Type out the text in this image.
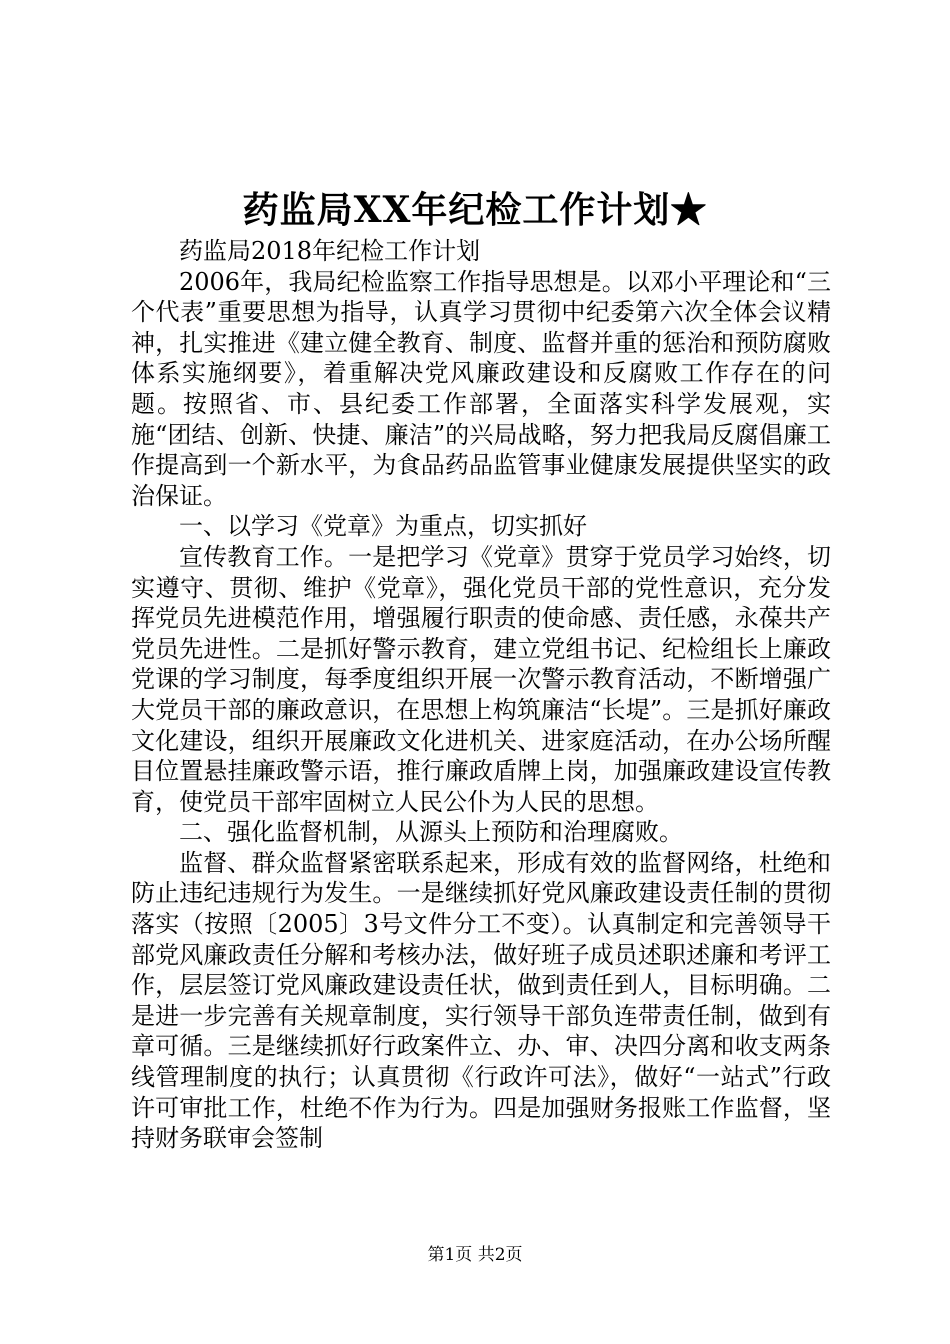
药监局XX年纪检工作计划★

药监局2018年纪检工作计划

2006年，我局纪检监察工作指导思想是。以邓小平理论和“三个代表”重要思想为指导，认真学习贯彻中纪委第六次全体会议精神，扎实推进《建立健全教育、制度、监督并重的惩治和预防腐败体系实施纲要》，着重解决党风廉政建设和反腐败工作存在的问题。按照省、市、县纪委工作部署，全面落实科学发展观，实施“团结、创新、快捷、廉洁”的兴局战略，努力把我局反腐倡廉工作提高到一个新水平，为食品药品监管事业健康发展提供坚实的政治保证。

一、以学习《党章》为重点，切实抓好

宣传教育工作。一是把学习《党章》贯穿于党员学习始终，切实遵守、贯彻、维护《党章》，强化党员干部的党性意识，充分发挥党员先进模范作用，增强履行职责的使命感、责任感，永葆共产党员先进性。二是抓好警示教育，建立党组书记、纪检组长上廉政党课的学习制度，每季度组织开展一次警示教育活动，不断增强广大党员干部的廉政意识，在思想上构筑廉洁“长堤”。三是抓好廉政文化建设，组织开展廉政文化进机关、进家庭活动，在办公场所醒目位置悬挂廉政警示语，推行廉政盾牌上岗，加强廉政建设宣传教育，使党员干部牢固树立人民公仆为人民的思想。

二、强化监督机制，从源头上预防和治理腐败。

监督、群众监督紧密联系起来，形成有效的监督网络，杜绝和防止违纪违规行为发生。一是继续抓好党风廉政建设责任制的贯彻落实（按照〔2005〕3号文件分工不变）。认真制定和完善领导干部党风廉政责任分解和考核办法，做好班子成员述职述廉和考评工作，层层签订党风廉政建设责任状，做到责任到人，目标明确。二是进一步完善有关规章制度，实行领导干部负连带责任制，做到有章可循。三是继续抓好行政案件立、办、审、决四分离和收支两条线管理制度的执行；认真贯彻《行政许可法》，做好“一站式”行政许可审批工作，杜绝不作为行为。四是加强财务报账工作监督，坚持财务联审会签制

第1页 共2页
